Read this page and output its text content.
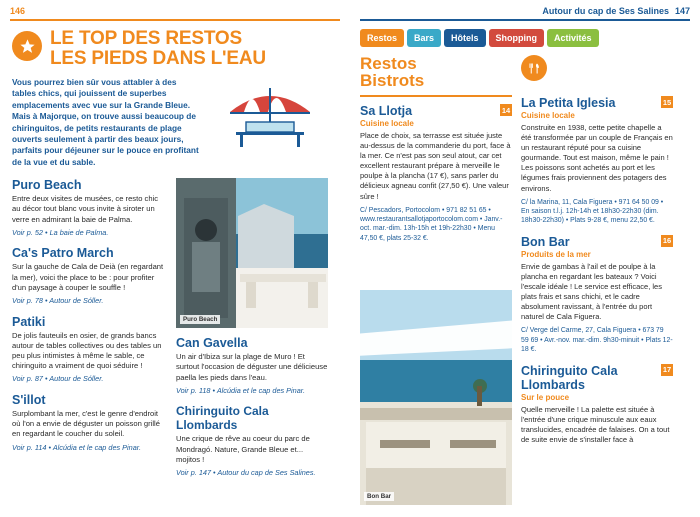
146
LE TOP DES RESTOS
LES PIEDS DANS L'EAU
Vous pourrez bien sûr vous attabler à des tables chics, qui jouissent de superbes emplacements avec vue sur la Grande Bleue. Mais à Majorque, on trouve aussi beaucoup de chiringuitos, de petits restaurants de plage ouverts seulement à partir des beaux jours, parfaits pour déjeuner sur le pouce en profitant de la vue et du sable.
Puro Beach
Entre deux visites de musées, ce resto chic au décor tout blanc vous invite à siroter un verre en admirant la baie de Palma.
Voir p. 52 • La baie de Palma.
Ca's Patro March
Sur la gauche de Cala de Deià (en regardant la mer), voici the place to be : pour profiter d'un paysage à couper le souffle !
Voir p. 78 • Autour de Sóller.
Patiki
De jolis fauteuils en osier, de grands bancs autour de tables collectives ou des tables un peu plus intimistes à même le sable, ce chiringuito a vraiment de quoi séduire !
Voir p. 87 • Autour de Sóller.
S'illot
Surplombant la mer, c'est le genre d'endroit où l'on a envie de déguster un poisson grillé en regardant le coucher du soleil.
Voir p. 114 • Alcúdia et le cap des Pinar.
Puro Beach
Can Gavella
Un air d'Ibiza sur la plage de Muro ! Et surtout l'occasion de déguster une délicieuse paella les pieds dans l'eau.
Voir p. 118 • Alcúdia et le cap des Pinar.
Chiringuito Cala Llombards
Une crique de rêve au coeur du parc de Mondragó. Nature, Grande Bleue et... mojitos !
Voir p. 147 • Autour du cap de Ses Salines.
Autour du cap de Ses Salines 147
Restos	Bars	Hôtels	Shopping	Activités
Restos
Bistrots
14
Sa Llotja
Cuisine locale
Place de choix, sa terrasse est située juste au-dessus de la commanderie du port, face à la mer. Ce n'est pas son seul atout, car cet excellent restaurant prépare à merveille le poulpe à la plancha (17 €), sans parler du délicieux agneau confit (27,50 €). Une valeur sûre !
C/ Pescadors, Portocolom • 971 82 51 65 • www.restaurantsallotjaportocolom.com • Janv.-oct. mar.-dim. 13h-15h et 19h-22h30 • Menu 47,50 €, plats 25-32 €.
15
La Petita Iglesia
Cuisine locale
Construite en 1938, cette petite chapelle a été transformée par un couple de Français en un restaurant réputé pour sa cuisine gourmande. Tout est maison, même le pain ! Les poissons sont achetés au port et les légumes frais proviennent des potagers des environs.
C/ la Marina, 11, Cala Figuera • 971 64 50 09 • En saison t.l.j. 12h-14h et 18h30-22h30 (dim. 18h30-22h30) • Plats 9-28 €, menu 22,50 €.
16
Bon Bar
Produits de la mer
Envie de gambas à l'ail et de poulpe à la plancha en regardant les bateaux ? Voici l'escale idéale ! Le service est efficace, les plats frais et sans chichi, et le cadre absolument ravissant, à l'entrée du port naturel de Cala Figuera.
C/ Verge del Carme, 27, Cala Figuera • 673 79 59 69 • Avr.-nov. mar.-dim. 9h30-minuit • Plats 12-18 €.
17
Chiringuito Cala Llombards
Sur le pouce
Quelle merveille ! La palette est située à l'entrée d'une crique minuscule aux eaux translucides, encadrée de falaises. On a tout de suite envie de s'installer face à
Bon Bar
